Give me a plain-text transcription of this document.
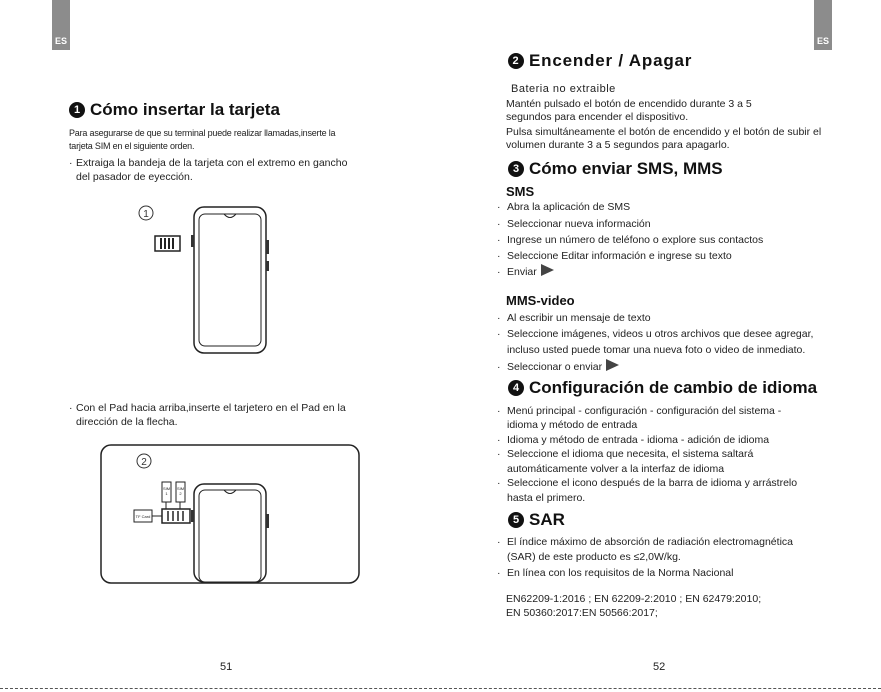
ES	ES
1 Cómo insertar la tarjeta
Para asegurarse de que su terminal puede realizar llamadas,inserte la
tarjeta SIM en el siguiente orden.
· Extraiga la bandeja de la tarjeta con el extremo en gancho
del pasador de eyección.
1
· Con el Pad hacia arriba,inserte el tarjetero en el Pad en la
dirección de la flecha.
2
TF Card
SIM 1
SIM 2
51
2 Encender / Apagar
Bateria no extraible
Mantén pulsado el botón de encendido durante 3 a 5
segundos para encender el dispositivo.
Pulsa simultáneamente el botón de encendido y el botón de subir el
volumen durante 3 a 5 segundos para apagarlo.
3 Cómo enviar SMS, MMS
SMS
· Abra la aplicación de SMS
· Seleccionar nueva información
· Ingrese un número de teléfono o explore sus contactos
· Seleccione Editar información e ingrese su texto
· Enviar
MMS-video
· Al escribir un mensaje de texto
· Seleccione imágenes, videos u otros archivos que desee agregar,
incluso usted puede tomar una nueva foto o video de inmediato.
· Seleccionar o enviar
4 Configuración de cambio de idioma
· Menú principal - configuración - configuración del sistema -
idioma y método de entrada
· Idioma y método de entrada - idioma - adición de idioma
· Seleccione el idioma que necesita, el sistema saltará
automáticamente volver a la interfaz de idioma
· Seleccione el icono después de la barra de idioma y arrástrelo
hasta el primero.
5 SAR
· El índice máximo de absorción de radiación electromagnética
(SAR) de este producto es ≤2,0W/kg.
· En línea con los requisitos de la Norma Nacional
EN62209-1:2016 ; EN 62209-2:2010 ; EN 62479:2010;
EN 50360:2017:EN 50566:2017;
52
